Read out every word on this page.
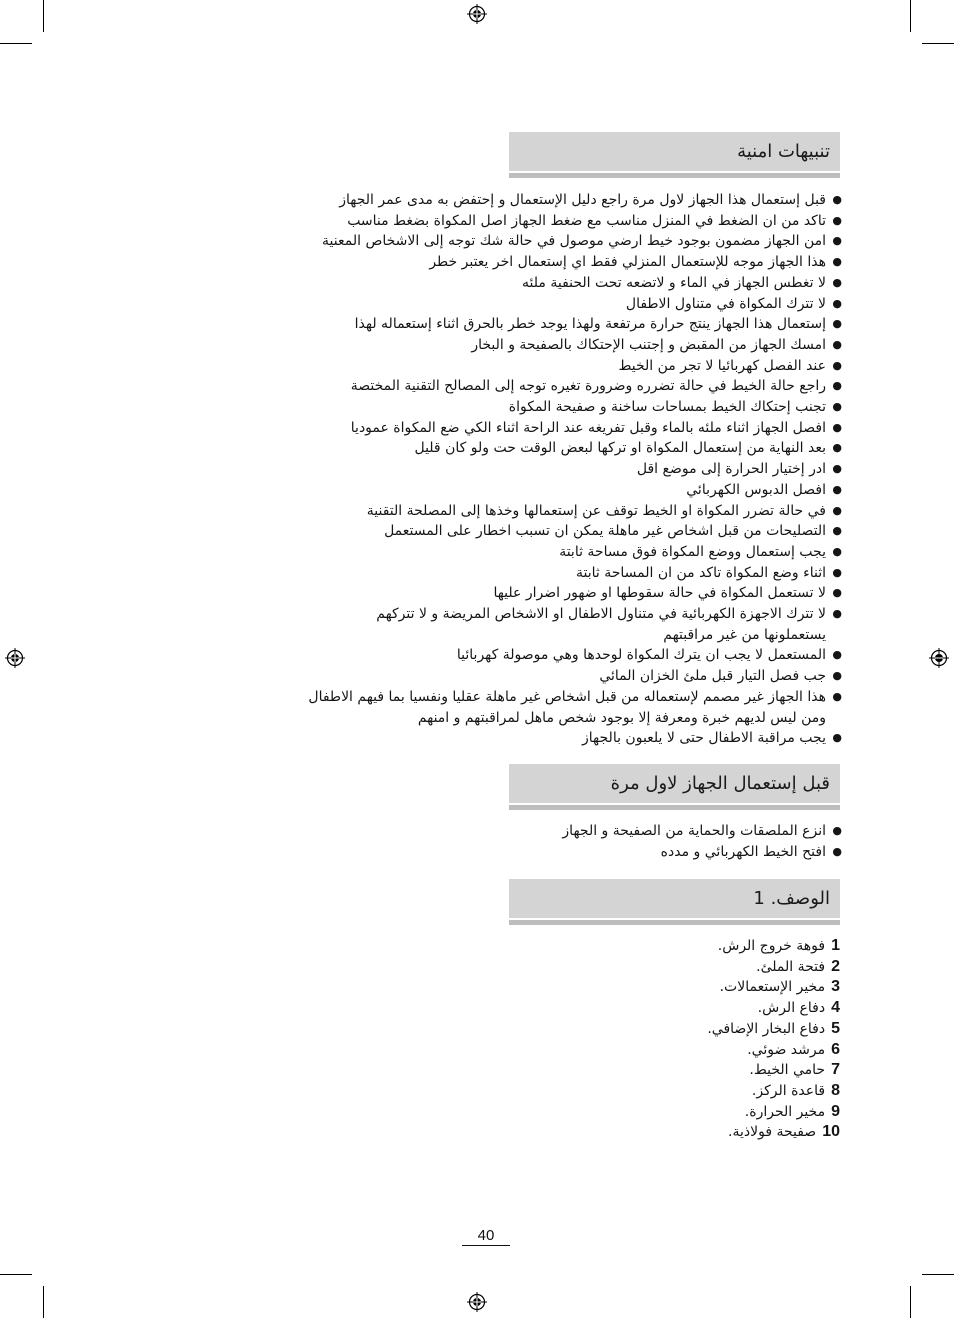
تنبيهات امنية
●
قبل إستعمال هذا الجهاز لاول مرة راجع دليل الإستعمال و إحتفض به مدى عمر الجهاز
●
تاكد من ان الضغط في المنزل مناسب مع ضغط الجهاز اصل المكواة بضغط مناسب
●
امن الجهاز مضمون بوجود خيط ارضي موصول في حالة شك توجه إلى الاشخاص المعنية
●
هذا الجهاز موجه للإستعمال المنزلي فقط اي إستعمال اخر يعتبر خطر
●
لا تغطس الجهاز في الماء و لاتضعه تحت الحنفية ملئه
●
لا تترك المكواة في متناول الاطفال
●
إستعمال هذا الجهاز ينتج حرارة مرتفعة ولهذا يوجد خطر بالحرق اثناء إستعماله لهذا
●
امسك الجهاز من المقبض و إجتنب الإحتكاك بالصفيحة و البخار
●
عند الفصل كهربائيا لا تجر من الخيط
●
راجع حالة الخيط في حالة تضرره وضرورة تغيره توجه إلى المصالح التقنية المختصة
●
تجنب إحتكاك الخيط بمساحات ساخنة و صفيحة المكواة
●
افصل الجهاز اثناء ملئه بالماء وقبل تفريغه عند الراحة اثناء الكي ضع المكواة عموديا
●
بعد النهاية من إستعمال المكواة او تركها لبعض الوقت حت ولو كان قليل
●
ادر إختيار الحرارة إلى موضع اقل
●
افصل الدبوس الكهربائي
●
في حالة تضرر المكواة او الخيط توقف عن إستعمالها وخذها إلى المصلحة التقنية
●
التصليحات من قبل اشخاص غير ماهلة يمكن ان تسبب اخطار على المستعمل
●
يجب إستعمال ووضع المكواة فوق مساحة ثابتة
●
اثناء وضع المكواة تاكد من ان المساحة ثابتة
●
لا تستعمل المكواة في حالة سقوطها او ضهور اضرار عليها
●
لا تترك الاجهزة الكهربائية في متناول الاطفال او الاشخاص المريضة و لا تتركهم
يستعملونها من غير مراقبتهم
●
المستعمل لا يجب ان يترك المكواة لوحدها وهي موصولة كهربائيا
●
جب فصل التيار قبل ملئ الخزان المائي
●
هذا الجهاز غير مصمم لإستعماله من قبل اشخاص غير ماهلة عقليا ونفسيا بما فيهم الاطفال
ومن ليس لديهم خبرة ومعرفة إلا بوجود شخص ماهل لمراقبتهم و امنهم
●
يجب مراقبة الاطفال حتى لا يلعبون بالجهاز
قبل إستعمال الجهاز لاول مرة
●
انزع الملصقات والحماية من الصفيحة و الجهاز
●
افتح الخيط الكهربائي و مدده
الوصف. 1
1فوهة خروج الرش.
2فتحة الملئ.
3مخير الإستعمالات.
4دفاع الرش.
5دفاع البخار الإضافي.
6مرشد ضوئي.
7حامي الخيط.
8قاعدة الركز.
9مخير الحرارة.
10صفيحة فولاذية.
40
